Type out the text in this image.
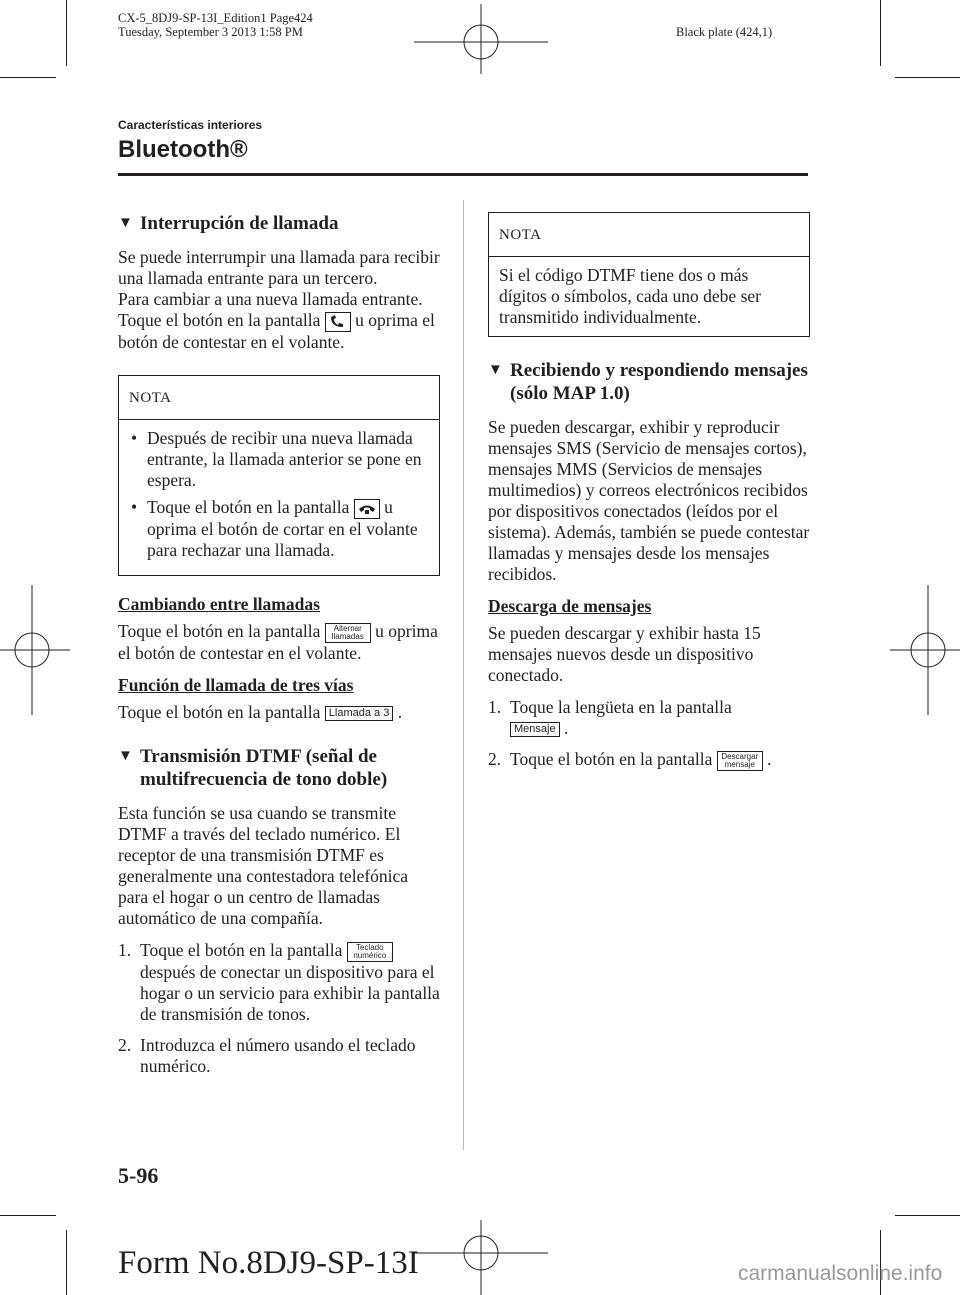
CX-5_8DJ9-SP-13I_Edition1 Page424
Tuesday, September 3 2013 1:58 PM	Black plate (424,1)
Características interiores
Bluetooth®
▼ Interrupción de llamada

Se puede interrumpir una llamada para recibir una llamada entrante para un tercero.

Para cambiar a una nueva llamada entrante.

Toque el botón en la pantalla u oprima el botón de contestar en el volante.

NOTA
• Después de recibir una nueva llamada entrante, la llamada anterior se pone en espera.
• Toque el botón en la pantalla u oprima el botón de cortar en el volante para rechazar una llamada.
Cambiando entre llamadas

Toque el botón en la pantalla Alternar llamadas u oprima el botón de contestar en el volante.

Función de llamada de tres vías

Toque el botón en la pantalla Llamada a 3 .

▼ Transmisión DTMF (señal de multifrecuencia de tono doble)

Esta función se usa cuando se transmite DTMF a través del teclado numérico. El receptor de una transmisión DTMF es generalmente una contestadora telefónica para el hogar o un centro de llamadas automático de una compañía.

1. Toque el botón en la pantalla Teclado numérico después de conectar un dispositivo para el hogar o un servicio para exhibir la pantalla de transmisión de tonos.
2. Introduzca el número usando el teclado numérico.
NOTA
Si el código DTMF tiene dos o más dígitos o símbolos, cada uno debe ser transmitido individualmente.
▼ Recibiendo y respondiendo mensajes (sólo MAP 1.0)

Se pueden descargar, exhibir y reproducir mensajes SMS (Servicio de mensajes cortos), mensajes MMS (Servicios de mensajes multimedios) y correos electrónicos recibidos por dispositivos conectados (leídos por el sistema). Además, también se puede contestar llamadas y mensajes desde los mensajes recibidos.

Descarga de mensajes

Se pueden descargar y exhibir hasta 15 mensajes nuevos desde un dispositivo conectado.

1. Toque la lengüeta en la pantalla
Mensaje .
2. Toque el botón en la pantalla Descargar mensaje .
5-96
Form No.8DJ9-SP-13I	carmanualsonline.info
